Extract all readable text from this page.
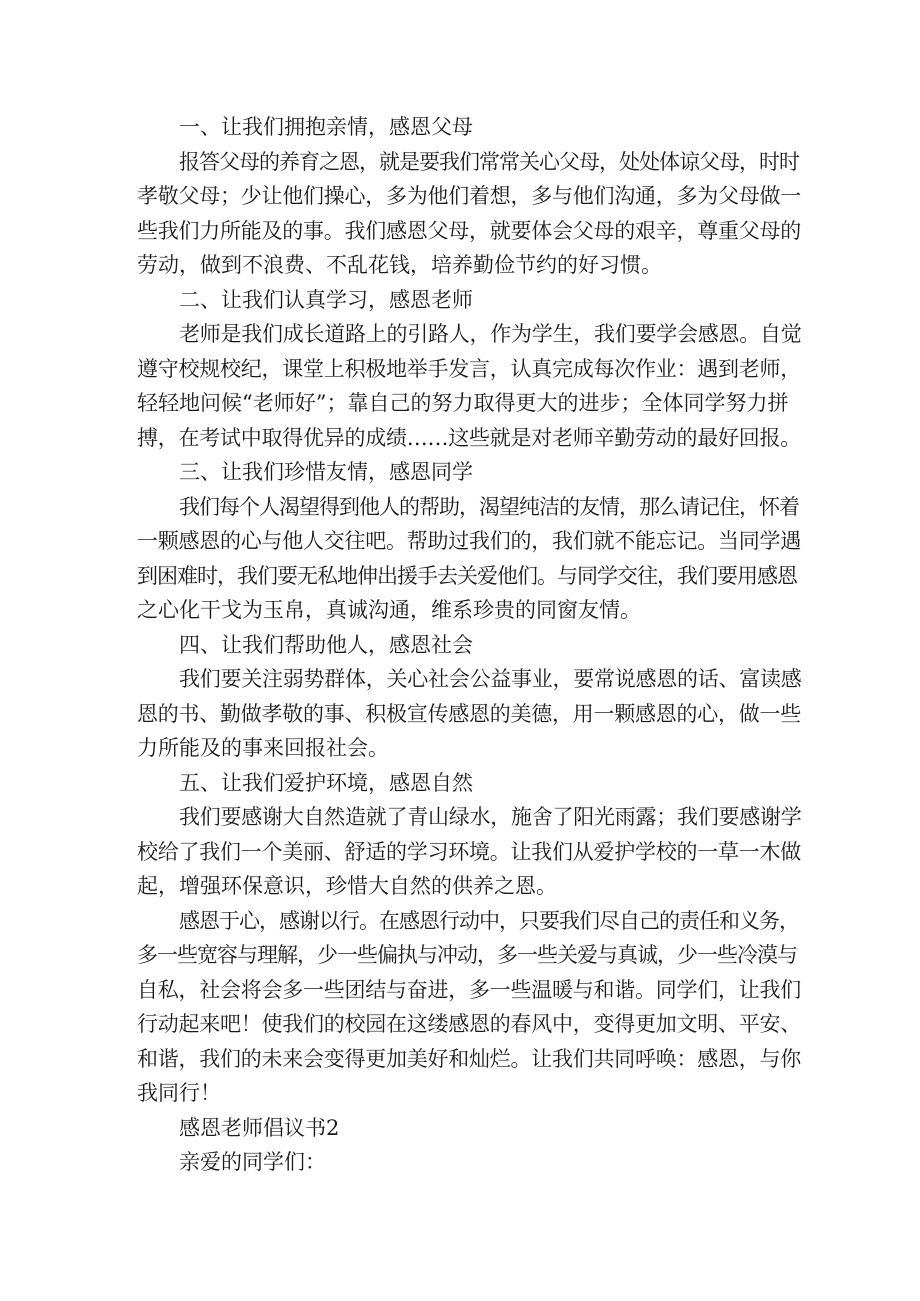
一、让我们拥抱亲情，感恩父母

报答父母的养育之恩，就是要我们常常关心父母，处处体谅父母，时时

孝敬父母；少让他们操心，多为他们着想，多与他们沟通，多为父母做一

些我们力所能及的事。我们感恩父母，就要体会父母的艰辛，尊重父母的

劳动，做到不浪费、不乱花钱，培养勤俭节约的好习惯。

二、让我们认真学习，感恩老师

老师是我们成长道路上的引路人，作为学生，我们要学会感恩。自觉

遵守校规校纪，课堂上积极地举手发言，认真完成每次作业：遇到老师，

轻轻地问候“老师好”；靠自己的努力取得更大的进步；全体同学努力拼

搏，在考试中取得优异的成绩……这些就是对老师辛勤劳动的最好回报。

三、让我们珍惜友情，感恩同学

我们每个人渴望得到他人的帮助，渴望纯洁的友情，那么请记住，怀着

一颗感恩的心与他人交往吧。帮助过我们的，我们就不能忘记。当同学遇

到困难时，我们要无私地伸出援手去关爱他们。与同学交往，我们要用感恩

之心化干戈为玉帛，真诚沟通，维系珍贵的同窗友情。

四、让我们帮助他人，感恩社会

我们要关注弱势群体，关心社会公益事业，要常说感恩的话、富读感

恩的书、勤做孝敬的事、积极宣传感恩的美德，用一颗感恩的心，做一些

力所能及的事来回报社会。

五、让我们爱护环境，感恩自然

我们要感谢大自然造就了青山绿水，施舍了阳光雨露；我们要感谢学

校给了我们一个美丽、舒适的学习环境。让我们从爱护学校的一草一木做

起，增强环保意识，珍惜大自然的供养之恩。

感恩于心，感谢以行。在感恩行动中，只要我们尽自己的责任和义务，

多一些宽容与理解，少一些偏执与冲动，多一些关爱与真诚，少一些冷漠与

自私，社会将会多一些团结与奋进，多一些温暖与和谐。同学们，让我们

行动起来吧！使我们的校园在这缕感恩的春风中，变得更加文明、平安、

和谐，我们的未来会变得更加美好和灿烂。让我们共同呼唤：感恩，与你

我同行！

感恩老师倡议书2

亲爱的同学们：
